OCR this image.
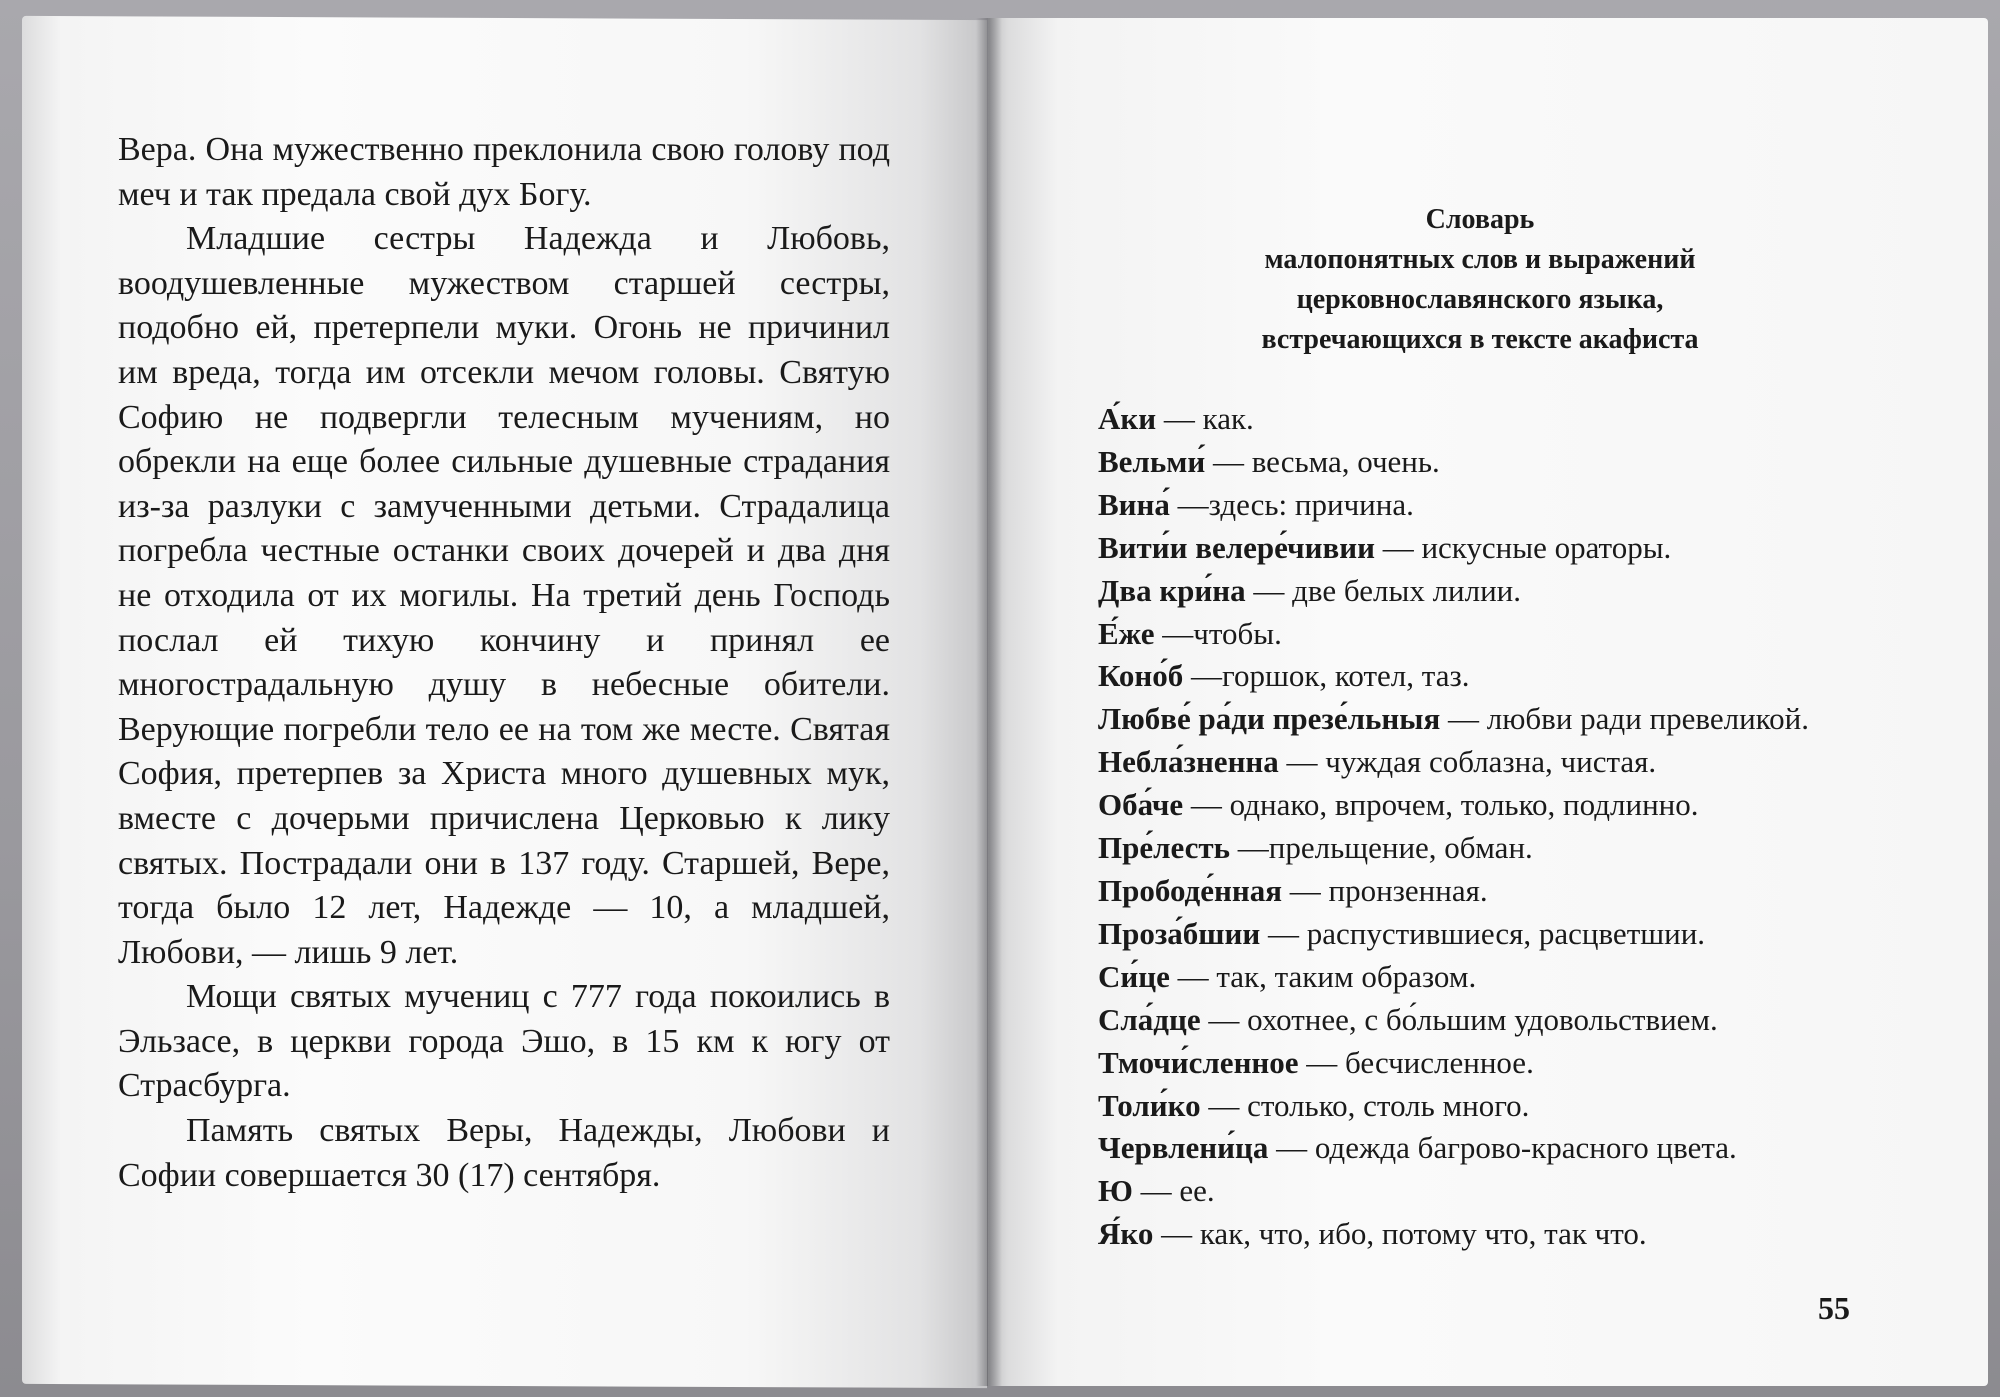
Вера. Она мужественно преклонила свою голову под меч и так предала свой дух Богу.

Младшие сестры Надежда и Любовь, воодушевленные мужеством старшей сестры, подобно ей, претерпели муки. Огонь не причинил им вреда, тогда им отсекли мечом головы. Святую Софию не подвергли телесным мучениям, но обрекли на еще более сильные душевные страдания из-за разлуки с замученными детьми. Страдалица погребла честные останки своих дочерей и два дня не отходила от их могилы. На третий день Господь послал ей тихую кончину и принял ее многострадальную душу в небесные обители. Верующие погребли тело ее на том же месте. Святая София, претерпев за Христа много душевных мук, вместе с дочерьми причислена Церковью к лику святых. Пострадали они в 137 году. Старшей, Вере, тогда было 12 лет, Надежде — 10, а младшей, Любови, — лишь 9 лет.

Мощи святых мучениц с 777 года покоились в Эльзасе, в церкви города Эшо, в 15 км к югу от Страсбурга.

Память святых Веры, Надежды, Любови и Софии совершается 30 (17) сентября.

Словарь
малопонятных слов и выражений
церковнославянского языка,
встречающихся в тексте акафиста
А́ки — как.
Вельми́ — весьма, очень.
Вина́ —здесь: причина.
Вити́и велере́чивии — искусные ораторы.
Два кри́на — две белых лилии.
Е́же —чтобы.
Коно́б —горшок, котел, таз.
Любве́ ра́ди презе́льныя — любви ради превеликой.
Небла́зненна — чуждая соблазна, чистая.
Оба́че — однако, впрочем, только, подлинно.
Пре́лесть —прельщение, обман.
Прободе́нная — пронзенная.
Проза́бшии — распустившиеся, расцветшии.
Си́це — так, таким образом.
Сла́дце — охотнее, с бо́льшим удовольствием.
Тмочи́сленное — бесчисленное.
Толи́ко — столько, столь много.
Червлени́ца — одежда багрово-красного цвета.
Ю — ее.
Я́ко — как, что, ибо, потому что, так что.
55
